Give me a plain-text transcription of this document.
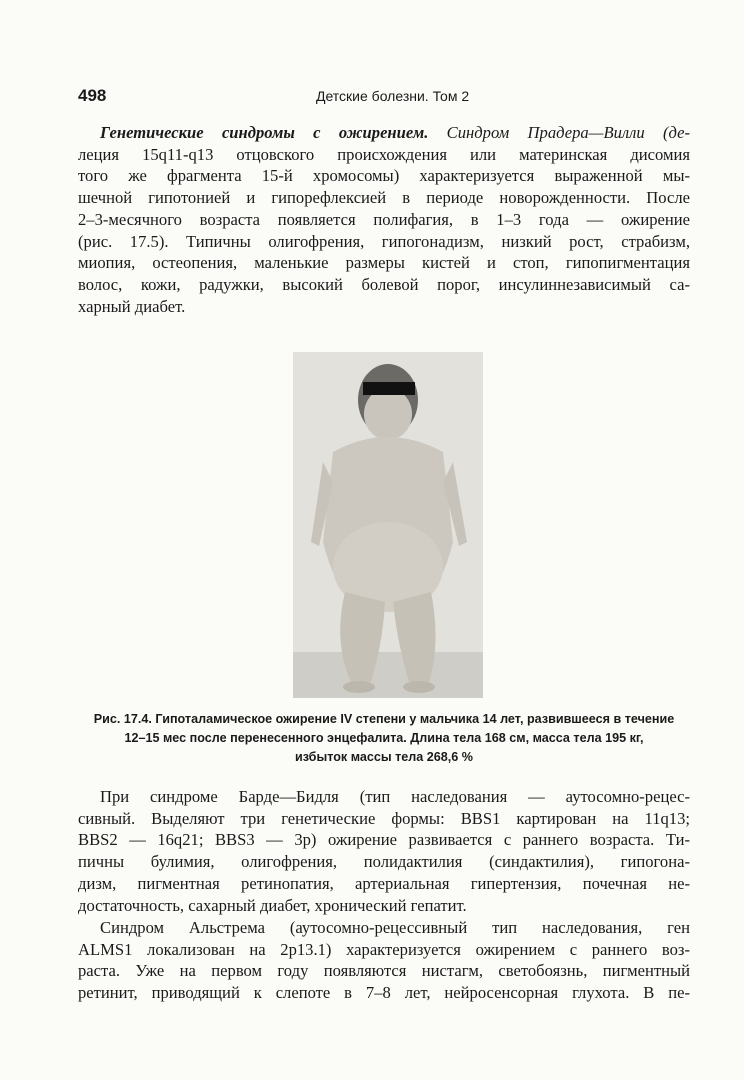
498	Детские болезни. Том 2
Генетические синдромы с ожирением. Синдром Прадера—Вилли (де-
леция 15q11-q13 отцовского происхождения или материнская дисомия
того же фрагмента 15-й хромосомы) характеризуется выраженной мы-
шечной гипотонией и гипорефлексией в периоде новорожденности. После
2–3-месячного возраста появляется полифагия, в 1–3 года — ожирение
(рис. 17.5). Типичны олигофрения, гипогонадизм, низкий рост, страбизм,
миопия, остеопения, маленькие размеры кистей и стоп, гипопигментация
волос, кожи, радужки, высокий болевой порог, инсулиннезависимый са-
харный диабет.
Рис. 17.4. Гипоталамическое ожирение IV степени у мальчика 14 лет, развившееся в течение
12–15 мес после перенесенного энцефалита. Длина тела 168 см, масса тела 195 кг,
избыток массы тела 268,6 %
При синдроме Барде—Бидля (тип наследования — аутосомно-рецес-
сивный. Выделяют три генетические формы: BBS1 картирован на 11q13;
BBS2 — 16q21; BBS3 — 3p) ожирение развивается с раннего возраста. Ти-
пичны булимия, олигофрения, полидактилия (синдактилия), гипогона-
дизм, пигментная ретинопатия, артериальная гипертензия, почечная не-
достаточность, сахарный диабет, хронический гепатит.
Синдром Альстрема (аутосомно-рецессивный тип наследования, ген
ALMS1 локализован на 2p13.1) характеризуется ожирением с раннего воз-
раста. Уже на первом году появляются нистагм, светобоязнь, пигментный
ретинит, приводящий к слепоте в 7–8 лет, нейросенсорная глухота. В пе-
